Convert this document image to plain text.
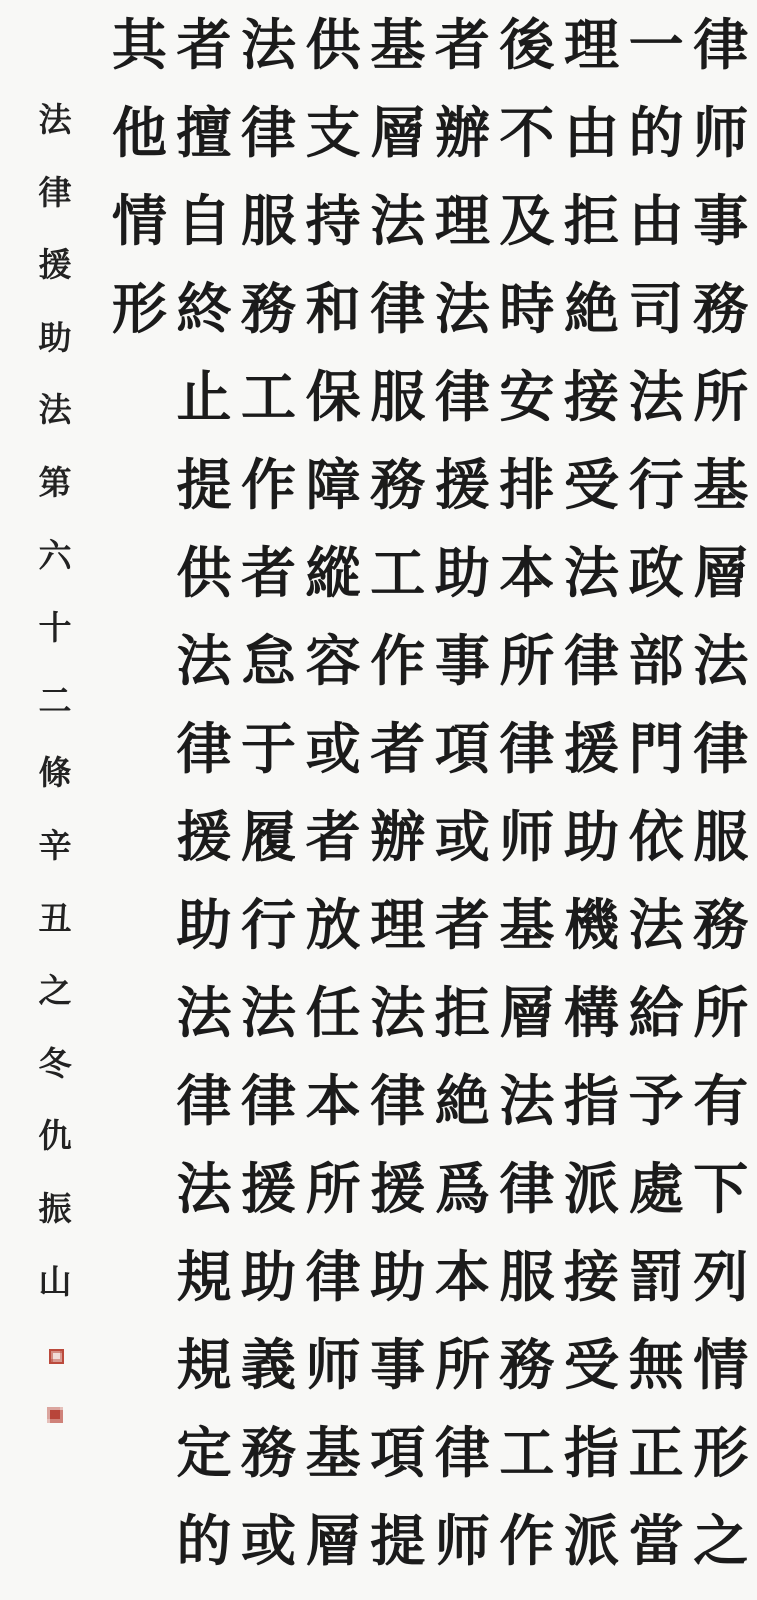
律
师
事
務
所
基
層
法
律
服
務
所
有
下
列
情
形
之
一
的
由
司
法
行
政
部
門
依
法
給
予
處
罰
無
正
當
理
由
拒
絶
接
受
法
律
援
助
機
構
指
派
接
受
指
派
後
不
及
時
安
排
本
所
律
师
基
層
法
律
服
務
工
作
者
辦
理
法
律
援
助
事
項
或
者
拒
絶
爲
本
所
律
师
基
層
法
律
服
務
工
作
者
辦
理
法
律
援
助
事
項
提
供
支
持
和
保
障
縱
容
或
者
放
任
本
所
律
师
基
層
法
律
服
務
工
作
者
怠
于
履
行
法
律
援
助
義
務
或
者
擅
自
終
止
提
供
法
律
援
助
法
律
法
規
規
定
的
其
他
情
形
法
律
援
助
法
第
六
十
二
條
辛
丑
之
冬
仇
振
山
